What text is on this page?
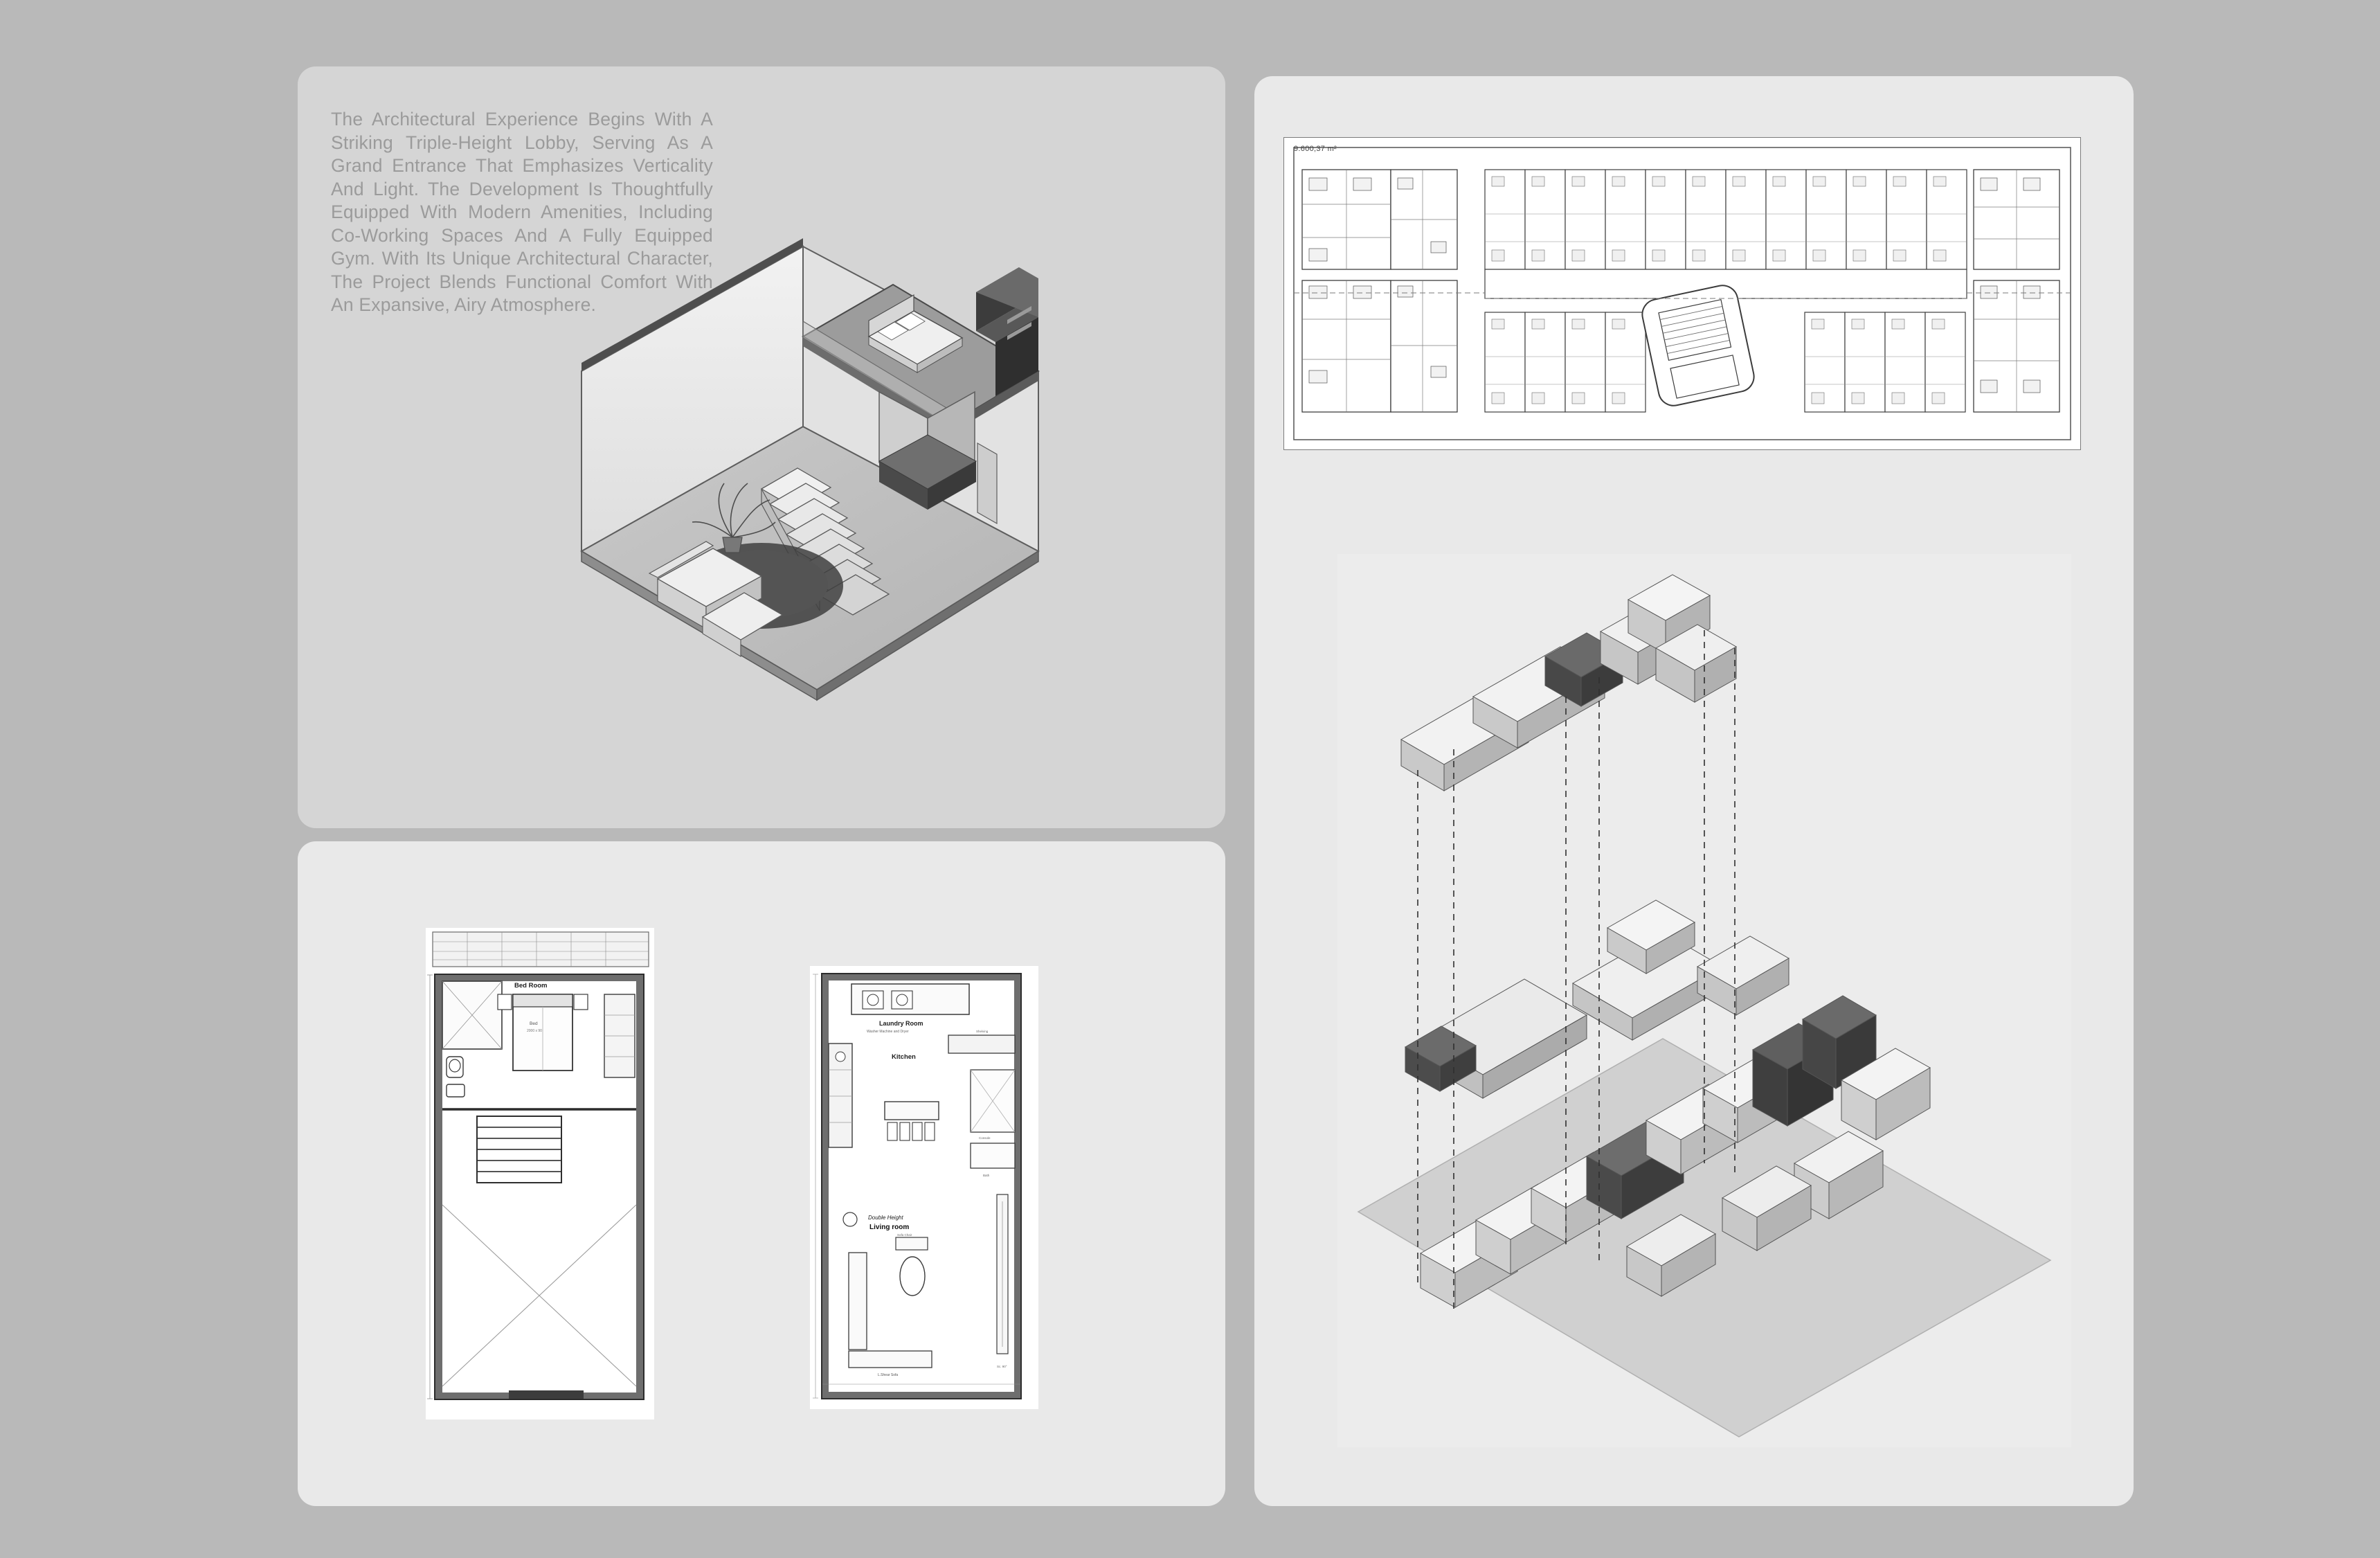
The Architectural Experience Begins With A Striking Triple-Height Lobby, Serving As A Grand Entrance That Emphasizes Verticality And Light. The Development Is Thoughtfully Equipped With Modern Amenities, Including Co-Working Spaces And A Fully Equipped Gym. With Its Unique Architectural Character, The Project Blends Functional Comfort With An Expansive, Airy Atmosphere.
Bed Room
Bed
2000 x 90
Laundry Room
Washer Machine and Dryer	Shelving
Kitchen
Console
Bath
Double Height
Living room
Sofa Chair
L.Shear Sofa
Sc. 90°
9.600,37 m²
